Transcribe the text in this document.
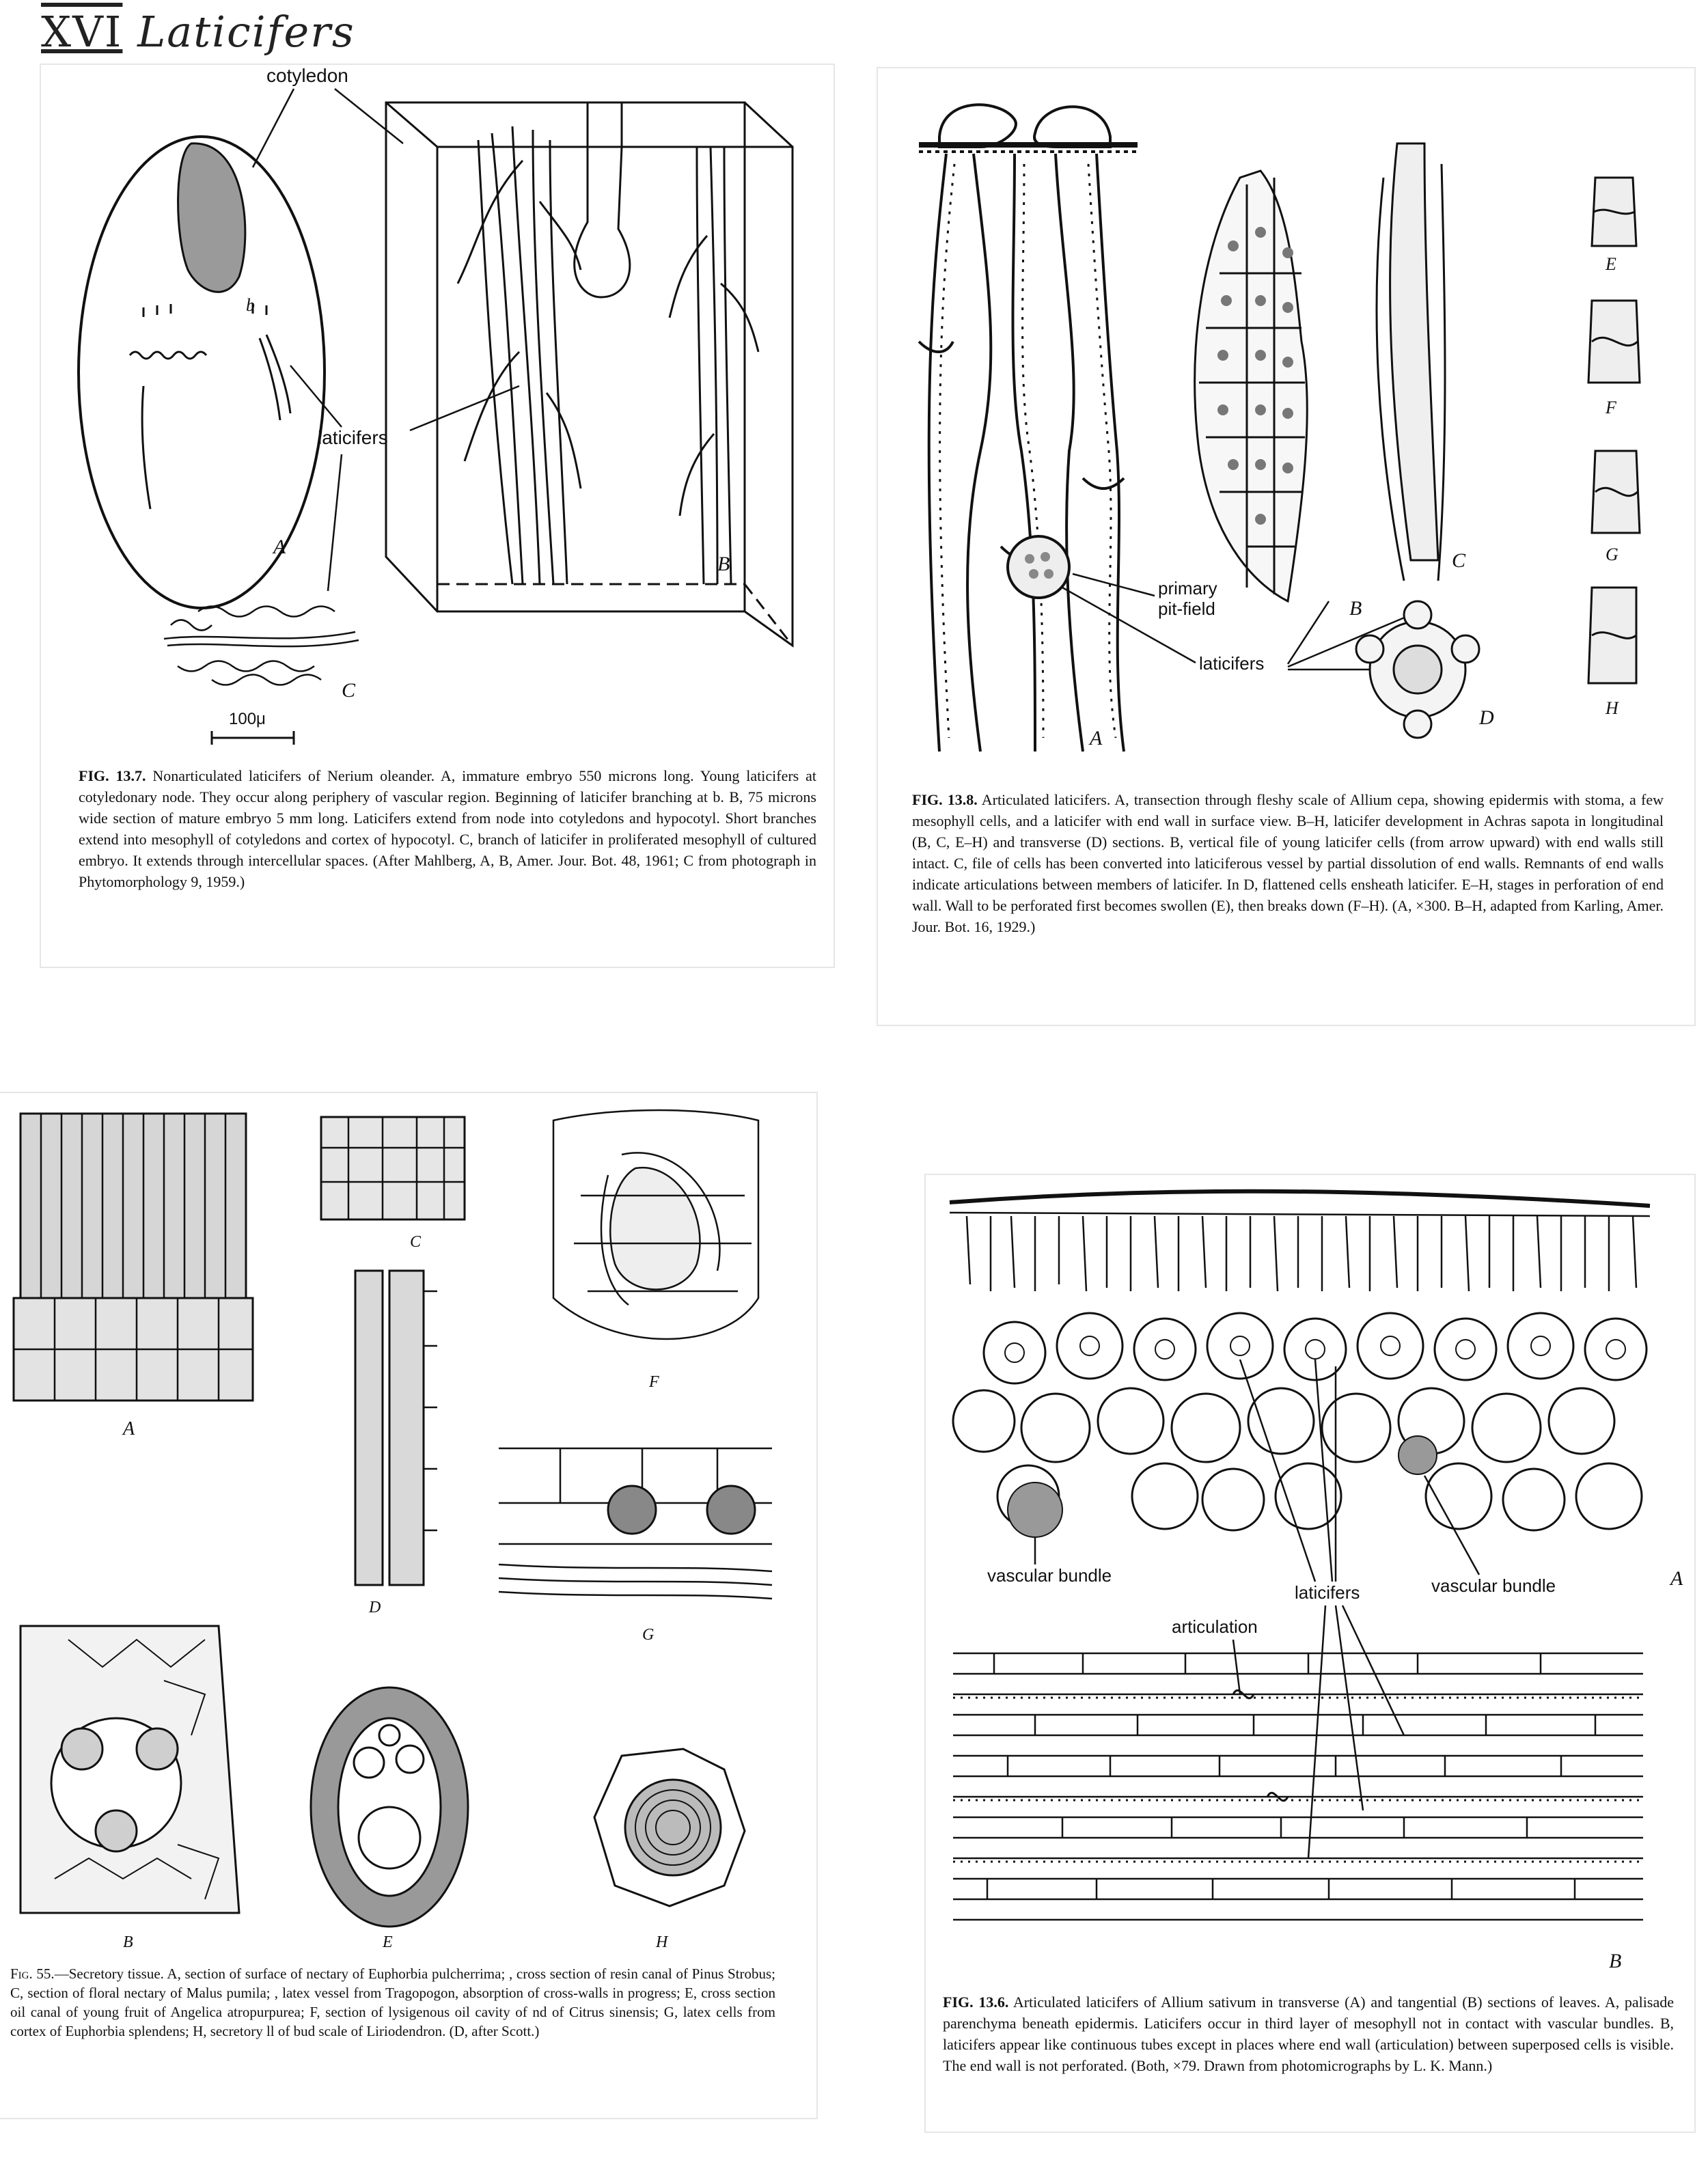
XVI Laticifers
b
A
cotyledon
B
laticifers
C
100μ
FIG. 13.7. Nonarticulated laticifers of Nerium oleander. A, immature embryo 550 microns long. Young laticifers at cotyledonary node. They occur along periphery of vascular region. Beginning of laticifer branching at b. B, 75 microns wide section of mature embryo 5 mm long. Laticifers extend from node into cotyledons and hypocotyl. Short branches extend into mesophyll of cotyledons and cortex of hypocotyl. C, branch of laticifer in proliferated mesophyll of cultured embryo. It extends through intercellular spaces. (After Mahlberg, A, B, Amer. Jour. Bot. 48, 1961; C from photograph in Phytomorphology 9, 1959.)
A
primary
pit-field
laticifers
B
C
D
E
F
G
H
FIG. 13.8. Articulated laticifers. A, transection through fleshy scale of Allium cepa, showing epidermis with stoma, a few mesophyll cells, and a laticifer with end wall in surface view. B–H, laticifer development in Achras sapota in longitudinal (B, C, E–H) and transverse (D) sections. B, vertical file of young laticifer cells (from arrow upward) with end walls still intact. C, file of cells has been converted into laticiferous vessel by partial dissolution of end walls. Remnants of end walls indicate articulations between members of laticifer. In D, flattened cells ensheath laticifer. E–H, stages in perforation of end wall. Wall to be perforated first becomes swollen (E), then breaks down (F–H). (A, ×300. B–H, adapted from Karling, Amer. Jour. Bot. 16, 1929.)
A
C
F
D
G
B	E	H
Fig. 55.—Secretory tissue. A, section of surface of nectary of Euphorbia pulcherrima; , cross section of resin canal of Pinus Strobus; C, section of floral nectary of Malus pumila; , latex vessel from Tragopogon, absorption of cross-walls in progress; E, cross section oil canal of young fruit of Angelica atropurpurea; F, section of lysigenous oil cavity of nd of Citrus sinensis; G, latex cells from cortex of Euphorbia splendens; H, secretory ll of bud scale of Liriodendron. (D, after Scott.)
vascular bundle	vascular bundle
laticifers
A
articulation
B
FIG. 13.6. Articulated laticifers of Allium sativum in transverse (A) and tangential (B) sections of leaves. A, palisade parenchyma beneath epidermis. Laticifers occur in third layer of mesophyll not in contact with vascular bundles. B, laticifers appear like continuous tubes except in places where end wall (articulation) between superposed cells is visible. The end wall is not perforated. (Both, ×79. Drawn from photomicrographs by L. K. Mann.)
